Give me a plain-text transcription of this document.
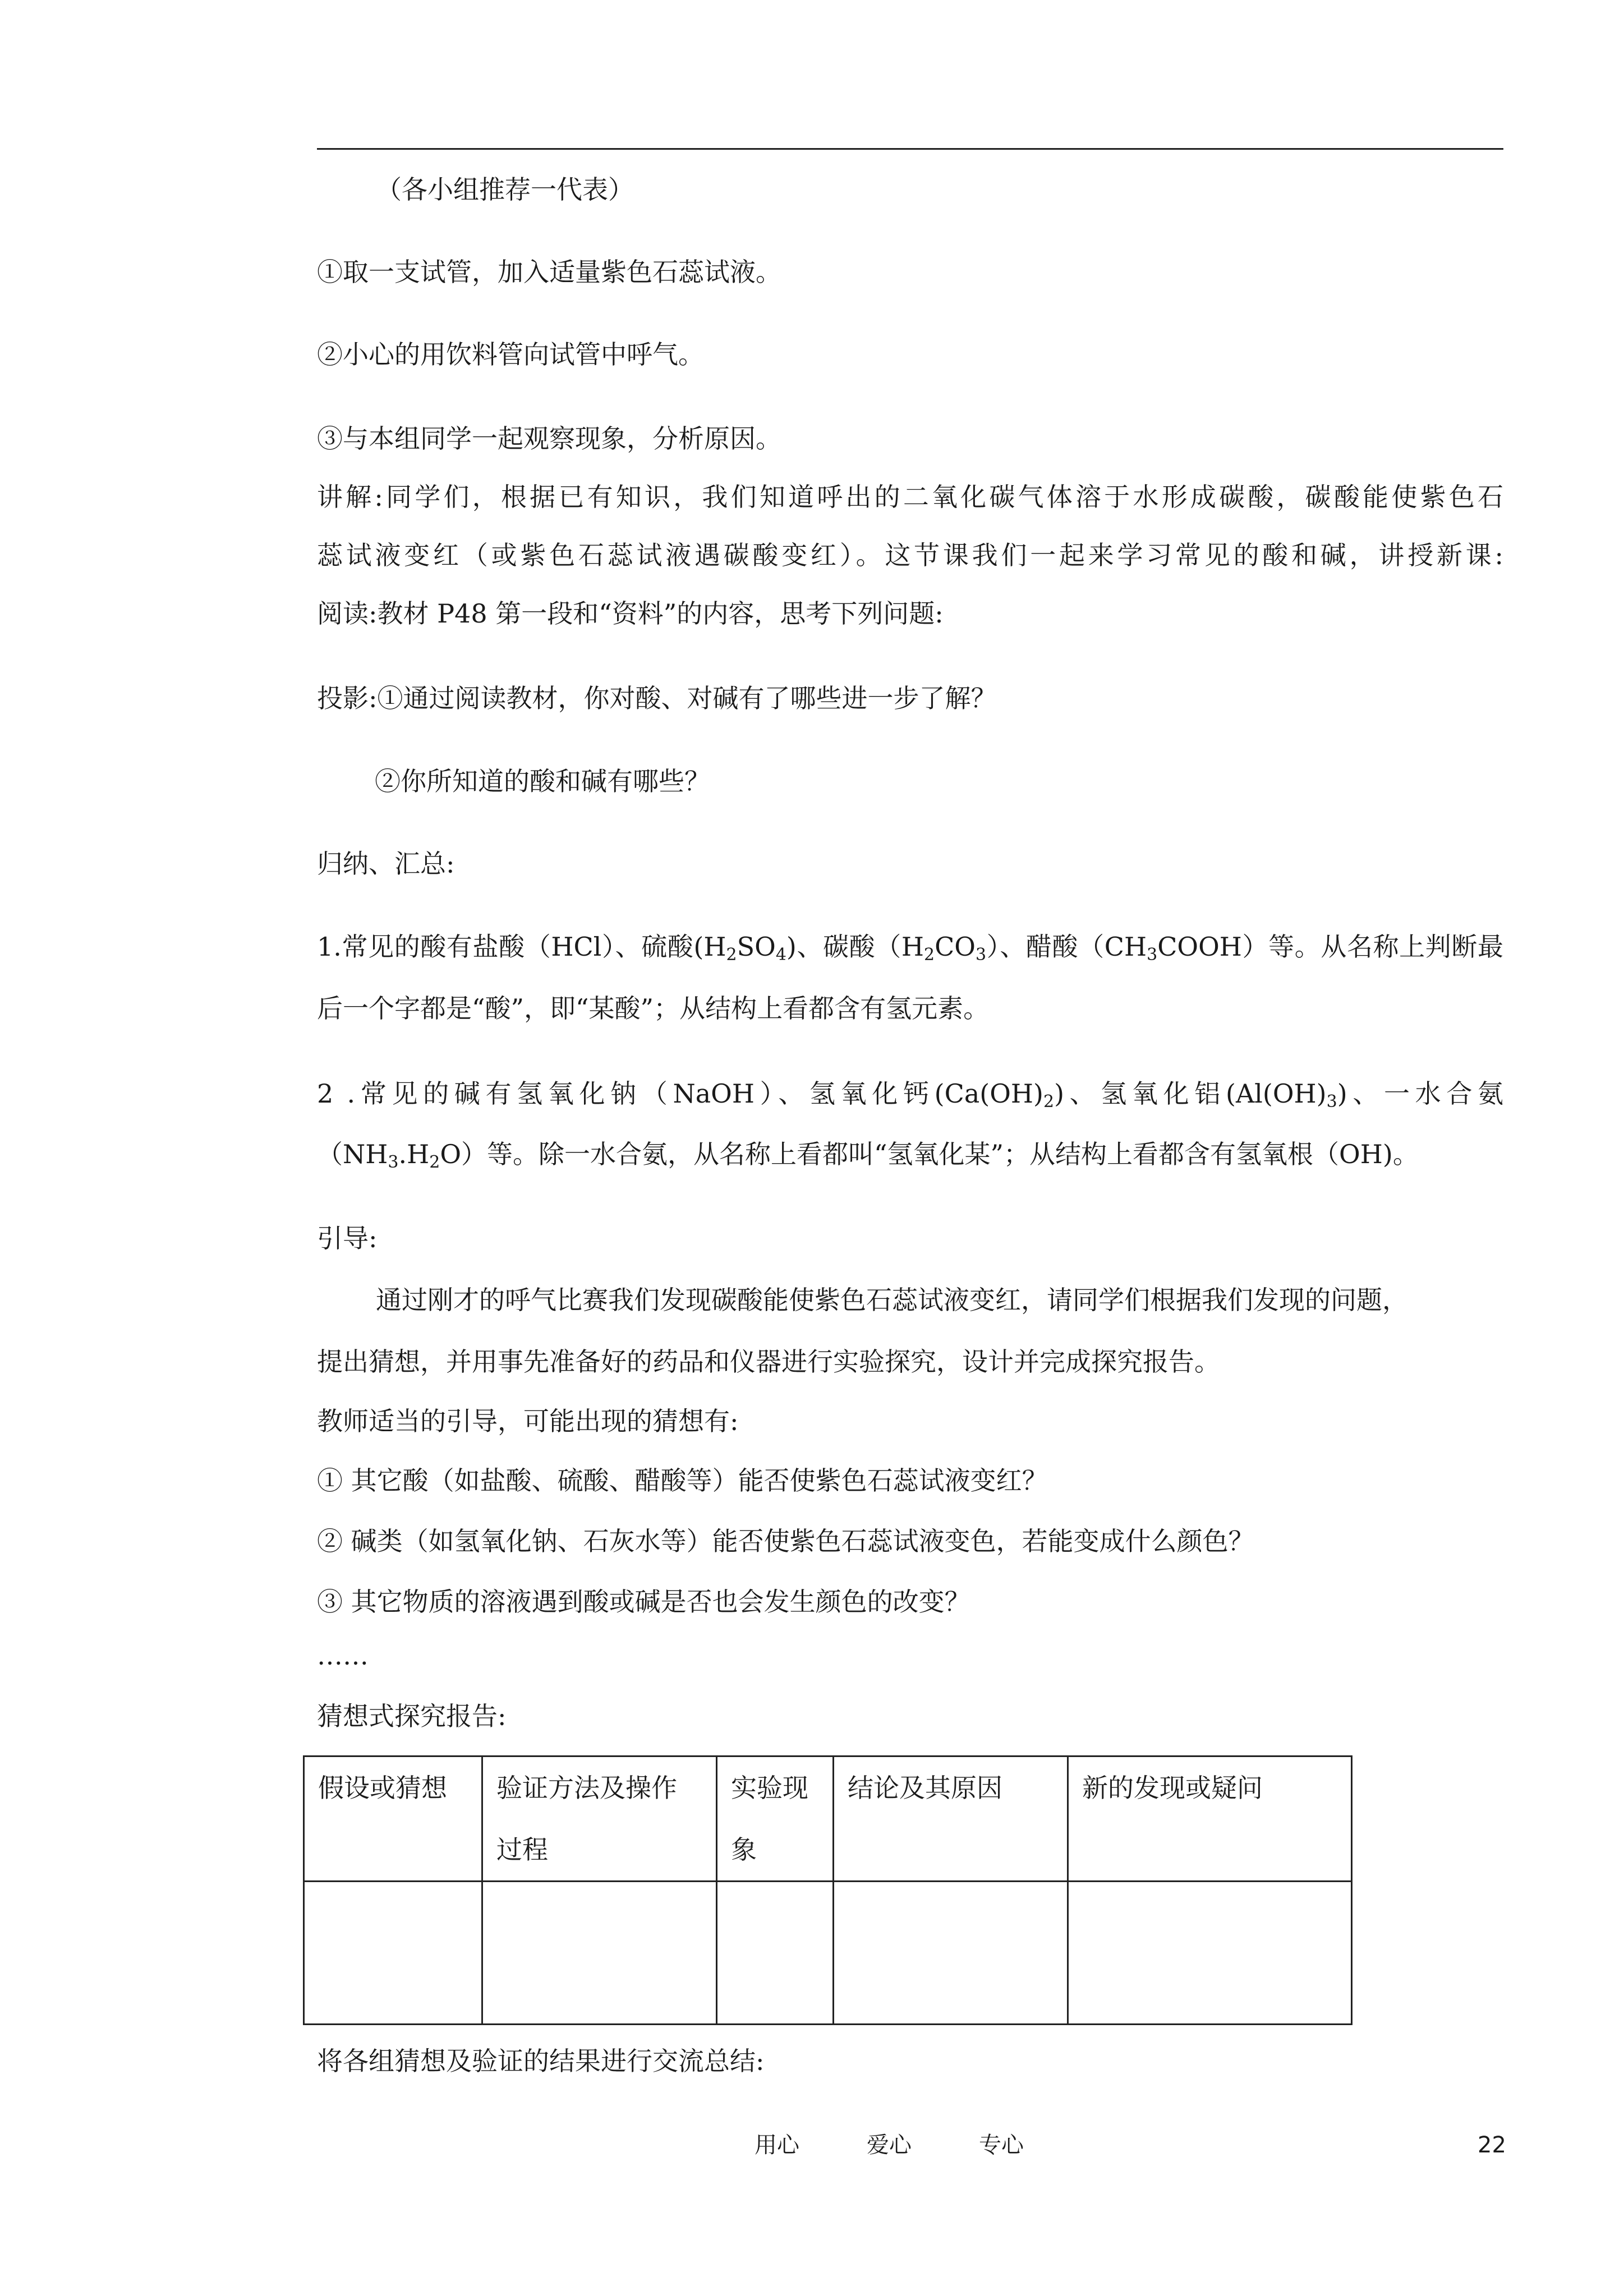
（各小组推荐一代表）
①取一支试管，加入适量紫色石蕊试液。
②小心的用饮料管向试管中呼气。
③与本组同学一起观察现象，分析原因。
讲解:同学们，根据已有知识，我们知道呼出的二氧化碳气体溶于水形成碳酸，碳酸能使紫色石
蕊试液变红（或紫色石蕊试液遇碳酸变红）。这节课我们一起来学习常见的酸和碱，讲授新课:
阅读:教材 P48 第一段和“资料”的内容，思考下列问题:
投影:①通过阅读教材，你对酸、对碱有了哪些进一步了解？
②你所知道的酸和碱有哪些？
归纳、汇总:
1.常见的酸有盐酸（HCl）、硫酸$(H_2SO_4)$、碳酸$(H_2CO_3)$、醋酸$(CH_3COOH)$等。从名称上判断最
后一个字都是“酸”，即“某酸”；从结构上看都含有氢元素。
2 .常见的碱有氢氧化钠（NaOH）、氢氧化钙$(Ca(OH)_2)$、氢氧化铝$(Al(OH)_3)$、一水合氨
$(NH_3.H_2O)$等。除一水合氨，从名称上看都叫“氢氧化某”；从结构上看都含有氢氧根（OH)。
引导:
通过刚才的呼气比赛我们发现碳酸能使紫色石蕊试液变红，请同学们根据我们发现的问题，
提出猜想，并用事先准备好的药品和仪器进行实验探究，设计并完成探究报告。
教师适当的引导，可能出现的猜想有:
① 其它酸（如盐酸、硫酸、醋酸等）能否使紫色石蕊试液变红？
② 碱类（如氢氧化钠、石灰水等）能否使紫色石蕊试液变色，若能变成什么颜色？
③ 其它物质的溶液遇到酸或碱是否也会发生颜色的改变？
……
猜想式探究报告:
假设或猜想	验证方法及操作过程	实验现象	结论及其原因	新的发现或疑问

将各组猜想及验证的结果进行交流总结:
用心	爱心	专心	22
